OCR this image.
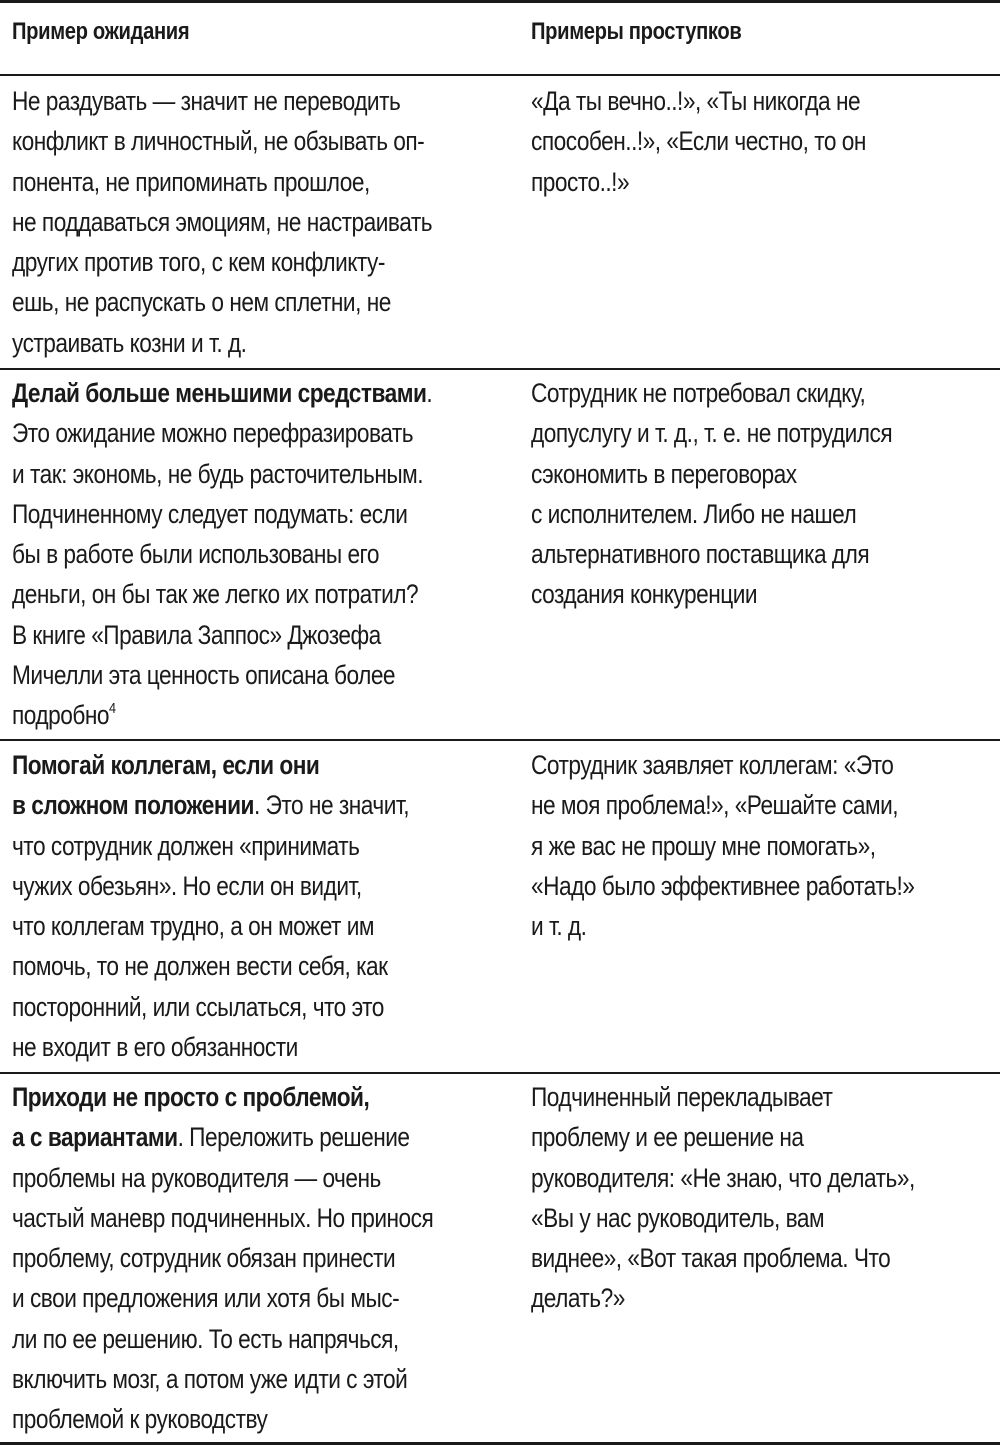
Пример ожидания	Примеры проступков
Не раздувать — значит не переводить
конфликт в личностный, не обзывать оп-
понента, не припоминать прошлое,
не поддаваться эмоциям, не настраивать
других против того, с кем конфликту-
ешь, не распускать о нем сплетни, не
устраивать козни и т. д.
«Да ты вечно..!», «Ты никогда не
способен..!», «Если честно, то он
просто..!»
Делай больше меньшими средствами.
Это ожидание можно перефразировать
и так: экономь, не будь расточительным.
Подчиненному следует подумать: если
бы в работе были использованы его
деньги, он бы так же легко их потратил?
В книге «Правила Заппос» Джозефа
Мичелли эта ценность описана более
подробно$^4$
Сотрудник не потребовал скидку,
допуслугу и т. д., т. е. не потрудился
сэкономить в переговорах
с исполнителем. Либо не нашел
альтернативного поставщика для
создания конкуренции
Помогай коллегам, если они
в сложном положении. Это не значит,
что сотрудник должен «принимать
чужих обезьян». Но если он видит,
что коллегам трудно, а он может им
помочь, то не должен вести себя, как
посторонний, или ссылаться, что это
не входит в его обязанности
Сотрудник заявляет коллегам: «Это
не моя проблема!», «Решайте сами,
я же вас не прошу мне помогать»,
«Надо было эффективнее работать!»
и т. д.
Приходи не просто с проблемой,
а с вариантами. Переложить решение
проблемы на руководителя — очень
частый маневр подчиненных. Но принося
проблему, сотрудник обязан принести
и свои предложения или хотя бы мыс-
ли по ее решению. То есть напрячься,
включить мозг, а потом уже идти с этой
проблемой к руководству
Подчиненный перекладывает
проблему и ее решение на
руководителя: «Не знаю, что делать»,
«Вы у нас руководитель, вам
виднее», «Вот такая проблема. Что
делать?»
